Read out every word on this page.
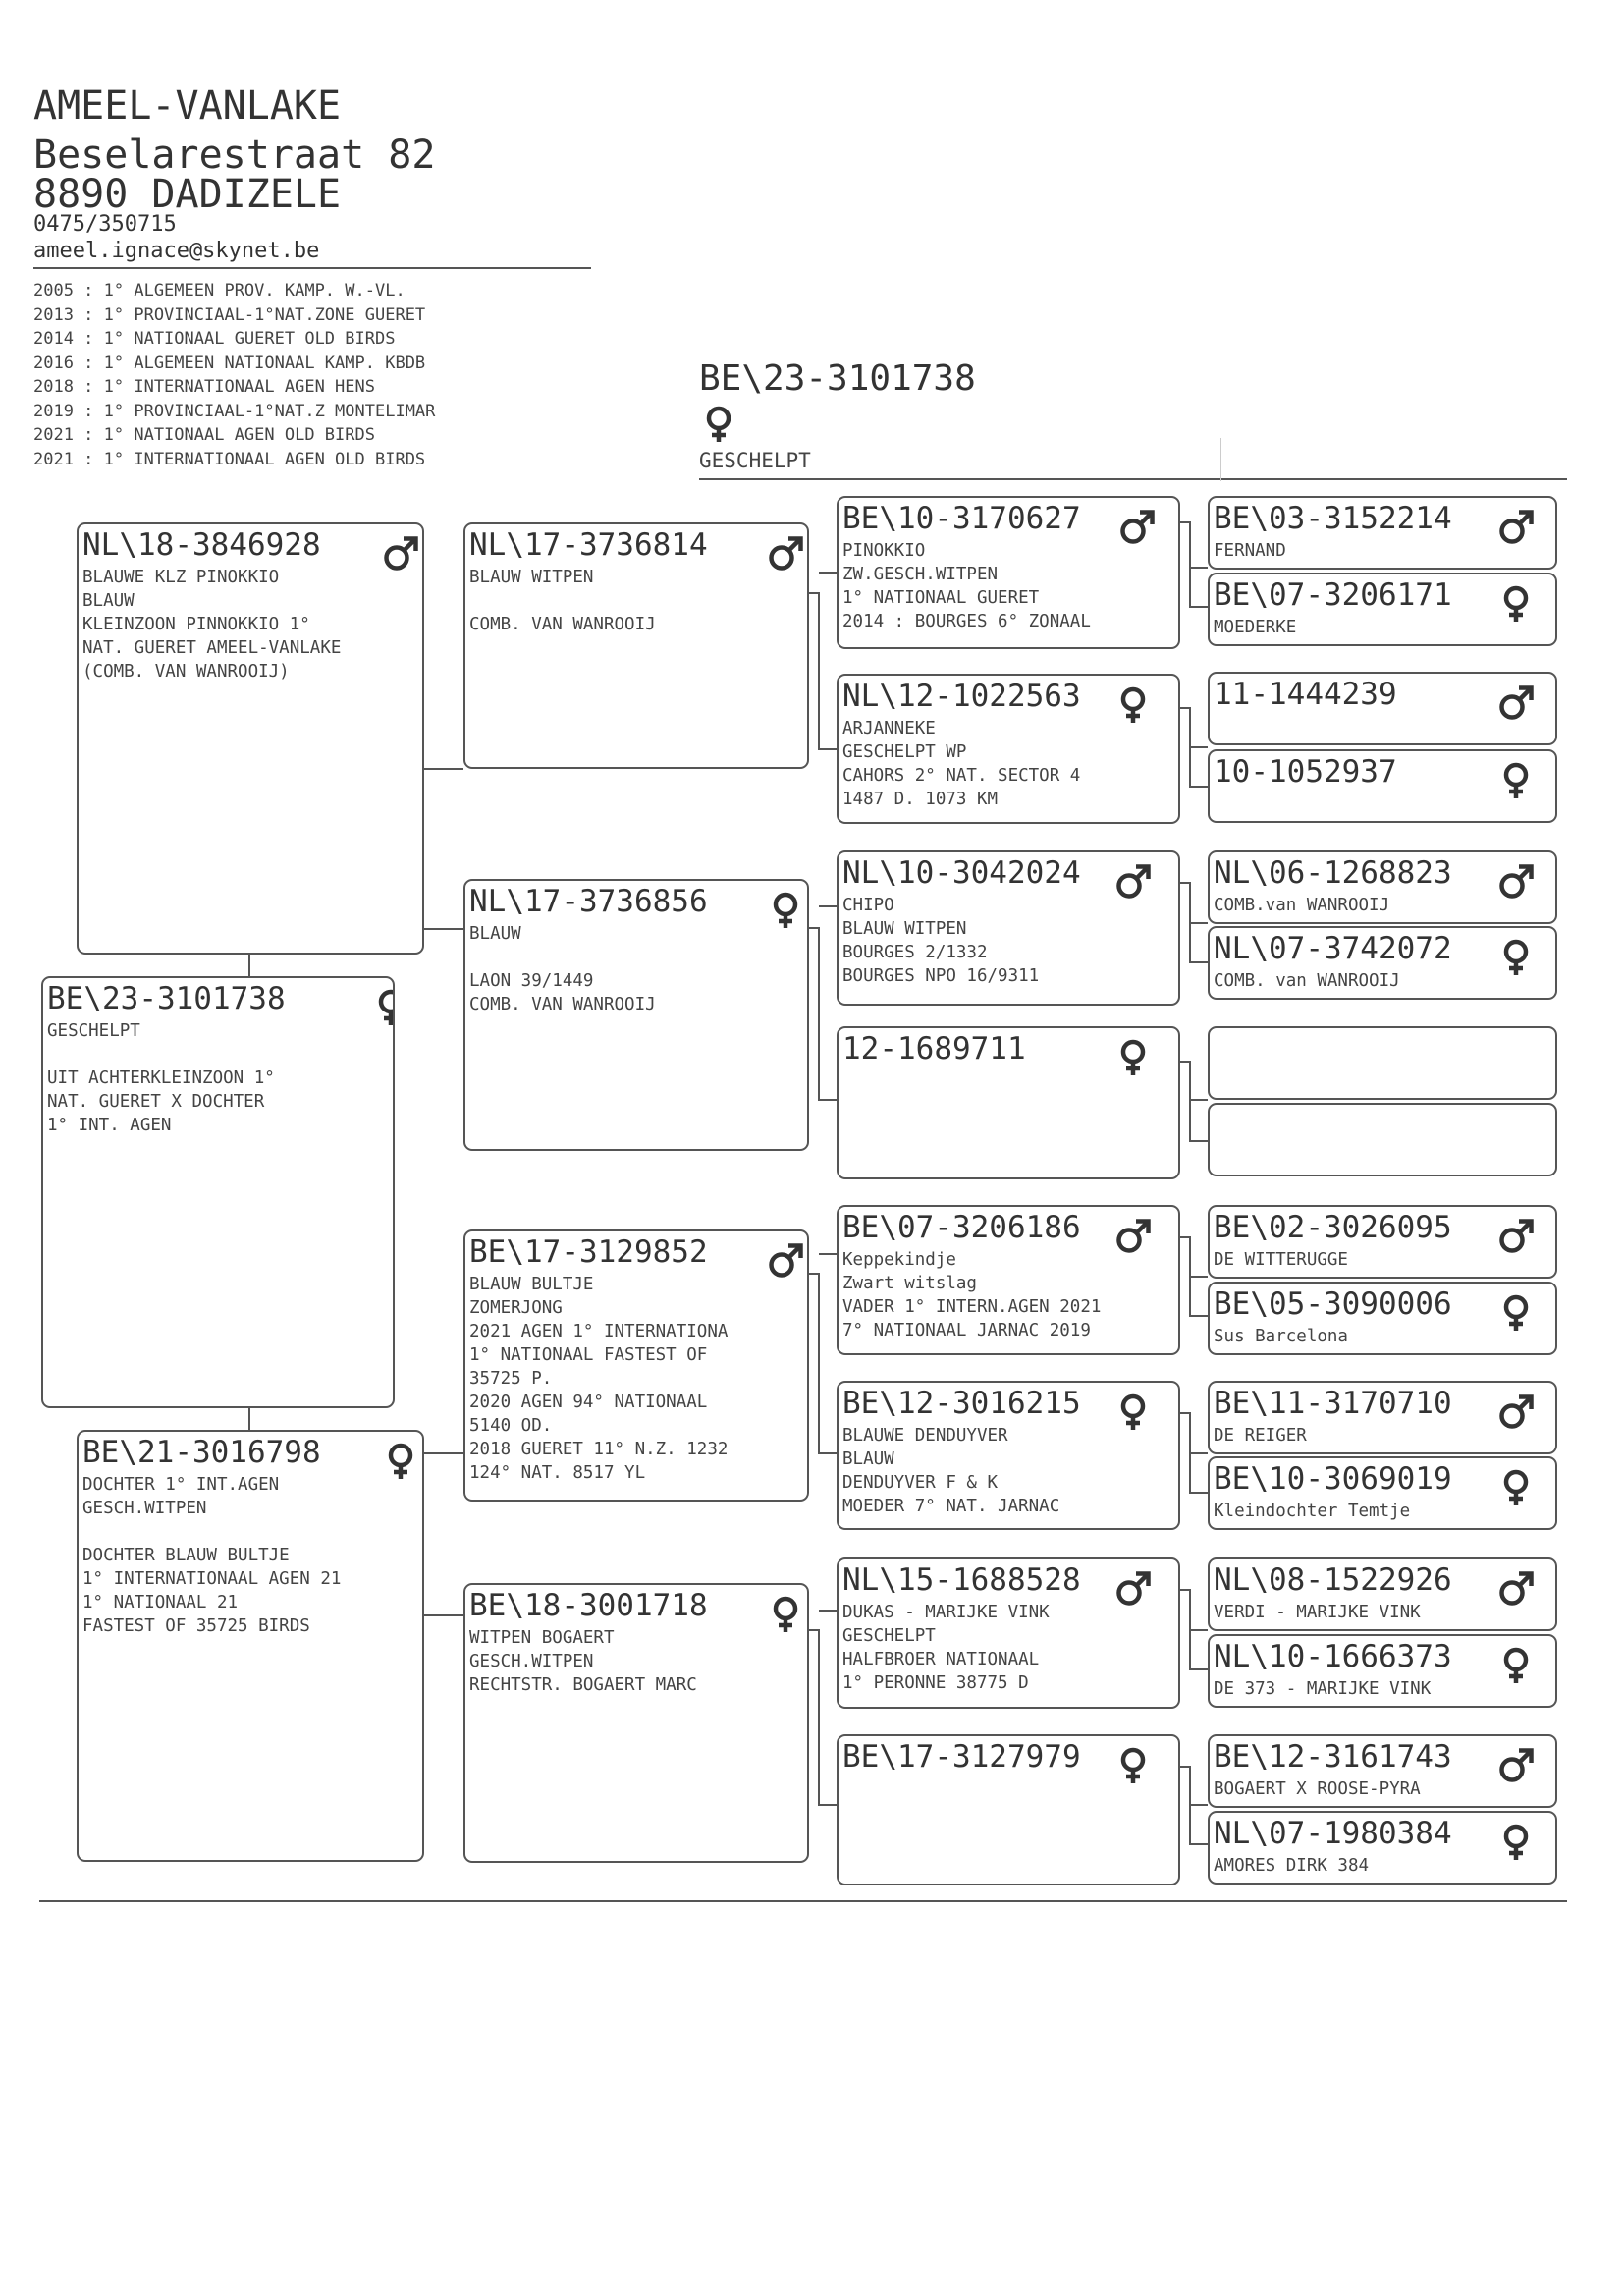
AMEEL-VANLAKE
Beselarestraat 82
8890 DADIZELE
0475/350715
ameel.ignace@skynet.be
2005 : 1° ALGEMEEN PROV. KAMP. W.-VL.
2013 : 1° PROVINCIAAL-1°NAT.ZONE GUERET
2014 : 1° NATIONAAL GUERET OLD BIRDS
2016 : 1° ALGEMEEN NATIONAAL KAMP. KBDB
2018 : 1° INTERNATIONAAL AGEN HENS
2019 : 1° PROVINCIAAL-1°NAT.Z MONTELIMAR
2021 : 1° NATIONAAL AGEN OLD BIRDS
2021 : 1° INTERNATIONAAL AGEN OLD BIRDS
BE\23-3101738
GESCHELPT
BE\23-3101738
GESCHELPT
UIT ACHTERKLEINZOON 1°
NAT. GUERET X DOCHTER
1° INT. AGEN
NL\18-3846928
BLAUWE KLZ PINOKKIO
BLAUW
KLEINZOON PINNOKKIO 1°
NAT. GUERET AMEEL-VANLAKE
(COMB. VAN WANROOIJ)
BE\21-3016798
DOCHTER 1° INT.AGEN
GESCH.WITPEN
DOCHTER BLAUW BULTJE
1° INTERNATIONAAL AGEN 21
1° NATIONAAL 21
FASTEST OF 35725 BIRDS
NL\17-3736814
BLAUW WITPEN
COMB. VAN WANROOIJ
NL\17-3736856
BLAUW
LAON 39/1449
COMB. VAN WANROOIJ
BE\17-3129852
BLAUW BULTJE
ZOMERJONG
2021 AGEN 1° INTERNATIONA
1° NATIONAAL FASTEST OF
35725 P.
2020 AGEN 94° NATIONAAL
5140 OD.
2018 GUERET 11° N.Z. 1232
124° NAT. 8517 YL
BE\18-3001718
WITPEN BOGAERT
GESCH.WITPEN
RECHTSTR. BOGAERT MARC
BE\10-3170627
PINOKKIO
ZW.GESCH.WITPEN
1° NATIONAAL GUERET
2014 : BOURGES 6° ZONAAL
NL\12-1022563
ARJANNEKE
GESCHELPT WP
CAHORS 2° NAT. SECTOR 4
1487 D. 1073 KM
NL\10-3042024
CHIPO
BLAUW WITPEN
BOURGES 2/1332
BOURGES NPO 16/9311
12-1689711
BE\07-3206186
Keppekindje
Zwart witslag
VADER 1° INTERN.AGEN 2021
7° NATIONAAL JARNAC 2019
BE\12-3016215
BLAUWE DENDUYVER
BLAUW
DENDUYVER F & K
MOEDER 7° NAT. JARNAC
NL\15-1688528
DUKAS - MARIJKE VINK
GESCHELPT
HALFBROER NATIONAAL
1° PERONNE 38775 D
BE\17-3127979
BE\03-3152214
FERNAND
BE\07-3206171
MOEDERKE
11-1444239
10-1052937
NL\06-1268823
COMB.van WANROOIJ
NL\07-3742072
COMB. van WANROOIJ
BE\02-3026095
DE WITTERUGGE
BE\05-3090006
Sus Barcelona
BE\11-3170710
DE REIGER
BE\10-3069019
Kleindochter Temtje
NL\08-1522926
VERDI - MARIJKE VINK
NL\10-1666373
DE 373 - MARIJKE VINK
BE\12-3161743
BOGAERT X ROOSE-PYRA
NL\07-1980384
AMORES DIRK 384
